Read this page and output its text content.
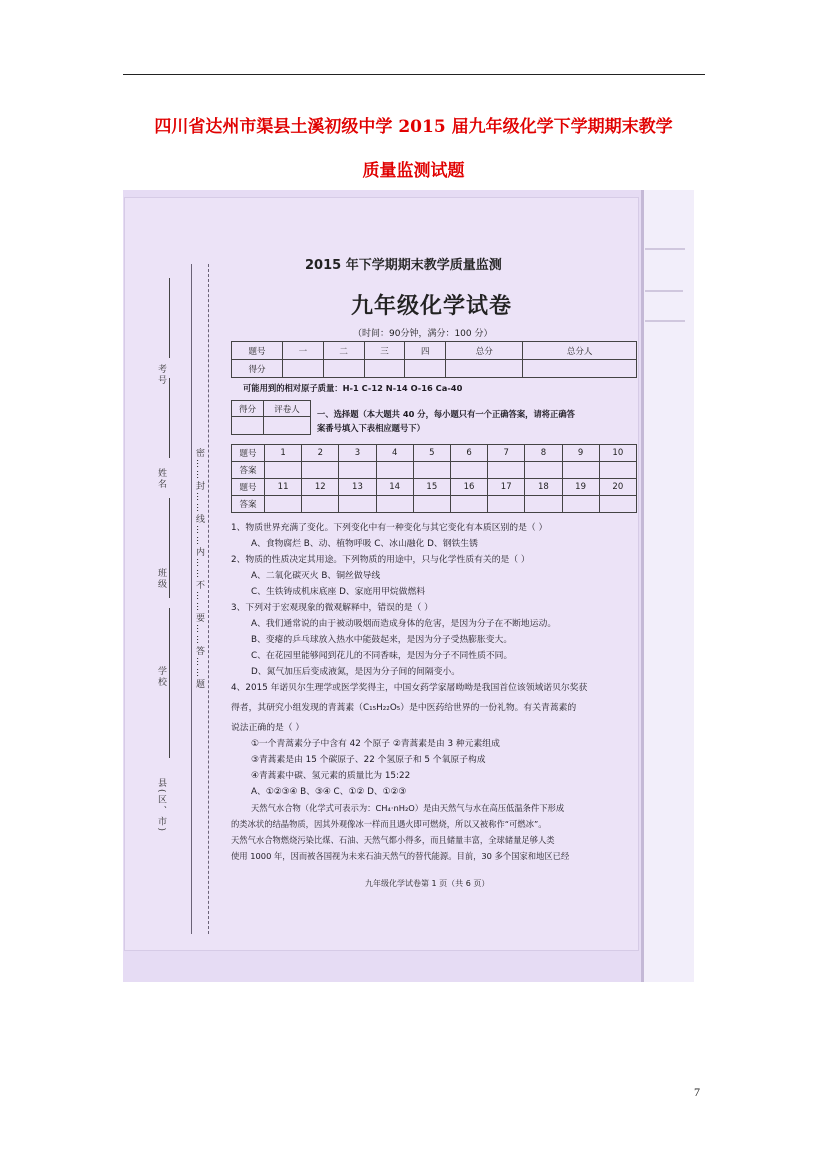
四川省达州市渠县土溪初级中学 2015 届九年级化学下学期期末教学
质量监测试题
密……封……线……内……不……要……答……题
县(区、市)
学校
班级
姓名
考号
2015 年下学期期末教学质量监测
九年级化学试卷
（时间：90分钟，满分：100 分）
题号	一	二	三	四	总分	总分人
得分						
可能用到的相对原子质量：H-1 C-12 N-14 O-16 Ca-40
得分	评卷人
	一、选择题（本大题共 40 分，每小题只有一个正确答案，请将正确答
案番号填入下表相应题号下）
题号	1	2	3	4	5	6	7	8	9	10
答案										
题号	11	12	13	14	15	16	17	18	19	20
答案										
1、物质世界充满了变化。下列变化中有一种变化与其它变化有本质区别的是（ ）
A、食物腐烂 B、动、植物呼吸 C、冰山融化 D、钢铁生锈
2、物质的性质决定其用途。下列物质的用途中，只与化学性质有关的是（ ）
A、二氧化碳灭火 B、铜丝做导线
C、生铁铸成机床底座 D、家庭用甲烷做燃料
3、下列对于宏观现象的微观解释中，错误的是（ ）
A、我们通常说的由于被动吸烟而造成身体的危害，是因为分子在不断地运动。
B、变瘪的乒乓球放入热水中能鼓起来，是因为分子受热膨胀变大。
C、在花园里能够闻到花儿的不同香味，是因为分子不同性质不同。
D、氮气加压后变成液氮，是因为分子间的间隔变小。
4、2015 年诺贝尔生理学或医学奖得主，中国女药学家屠呦呦是我国首位该领域诺贝尔奖获
得者，其研究小组发现的青蒿素（C₁₅H₂₂O₅）是中医药给世界的一份礼物。有关青蒿素的
说法正确的是（ ）
①一个青蒿素分子中含有 42 个原子 ②青蒿素是由 3 种元素组成
③青蒿素是由 15 个碳原子、22 个氢原子和 5 个氧原子构成
④青蒿素中碳、氢元素的质量比为 15:22
A、①②③④ B、③④ C、①② D、①②③
天然气水合物（化学式可表示为：CH₄·nH₂O）是由天然气与水在高压低温条件下形成
的类冰状的结晶物质，因其外观像冰一样而且遇火即可燃烧，所以又被称作“可燃冰”。
天然气水合物燃烧污染比煤、石油、天然气都小得多，而且储量丰富，全球储量足够人类
使用 1000 年，因而被各国视为未来石油天然气的替代能源。目前，30 多个国家和地区已经
九年级化学试卷第 1 页（共 6 页）
7
